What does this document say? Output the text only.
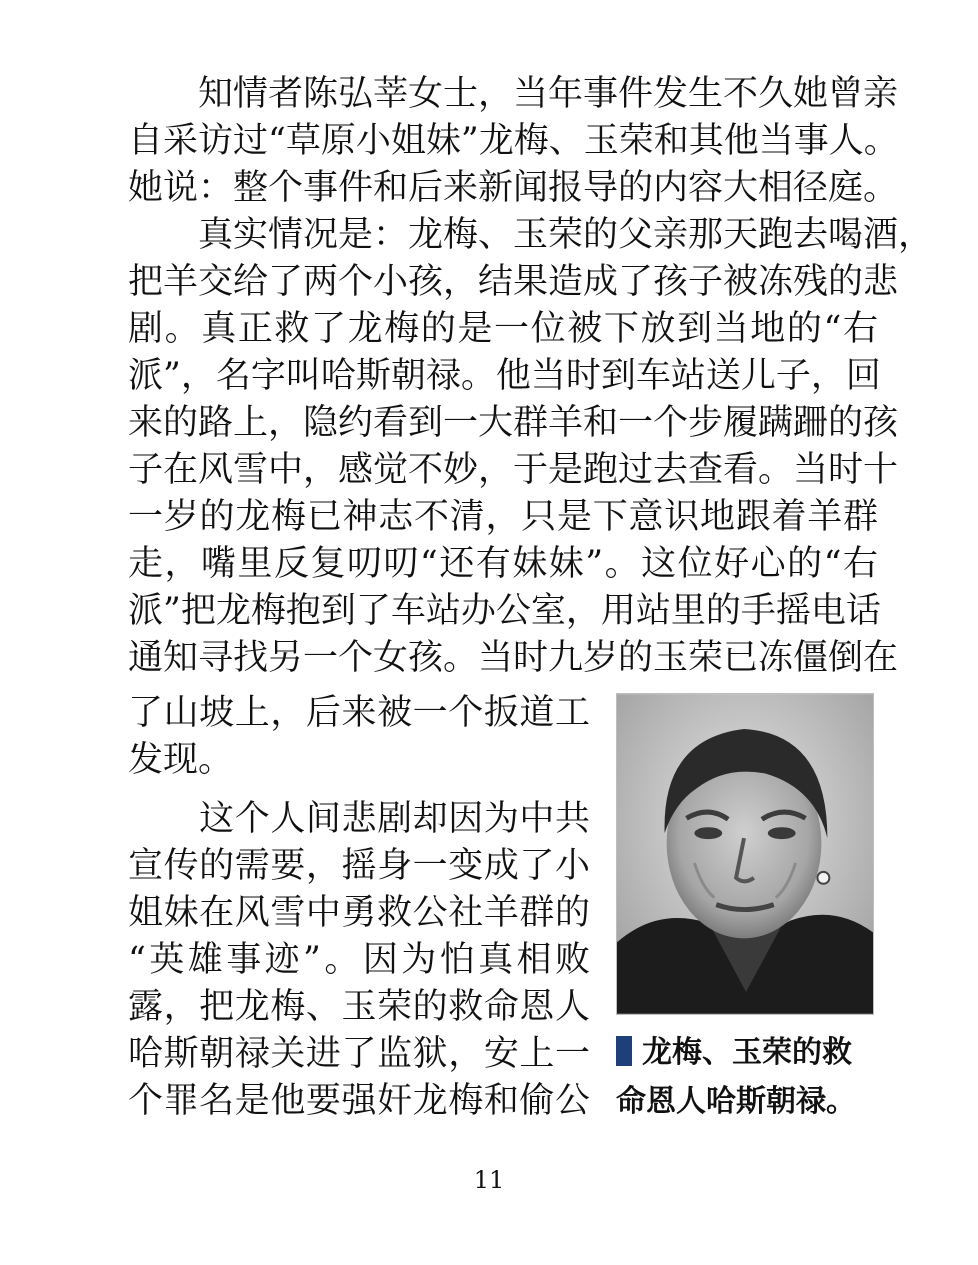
　　知情者陈弘莘女士，当年事件发生不久她曾亲
自采访过“草原小姐妹”龙梅、玉荣和其他当事人。
她说：整个事件和后来新闻报导的内容大相径庭。
　　真实情况是：龙梅、玉荣的父亲那天跑去喝酒，
把羊交给了两个小孩，结果造成了孩子被冻残的悲
剧。真正救了龙梅的是一位被下放到当地的“右
派”，名字叫哈斯朝禄。他当时到车站送儿子，回
来的路上，隐约看到一大群羊和一个步履蹒跚的孩
子在风雪中，感觉不妙，于是跑过去查看。当时十
一岁的龙梅已神志不清，只是下意识地跟着羊群
走，嘴里反复叨叨“还有妹妹”。这位好心的“右
派”把龙梅抱到了车站办公室，用站里的手摇电话
通知寻找另一个女孩。当时九岁的玉荣已冻僵倒在
了山坡上，后来被一个扳道工
发现。
　　这个人间悲剧却因为中共
宣传的需要，摇身一变成了小
姐妹在风雪中勇救公社羊群的
“英雄事迹”。因为怕真相败
露，把龙梅、玉荣的救命恩人
哈斯朝禄关进了监狱，安上一
个罪名是他要强奸龙梅和偷公
龙梅、玉荣的救
命恩人哈斯朝禄。
11
